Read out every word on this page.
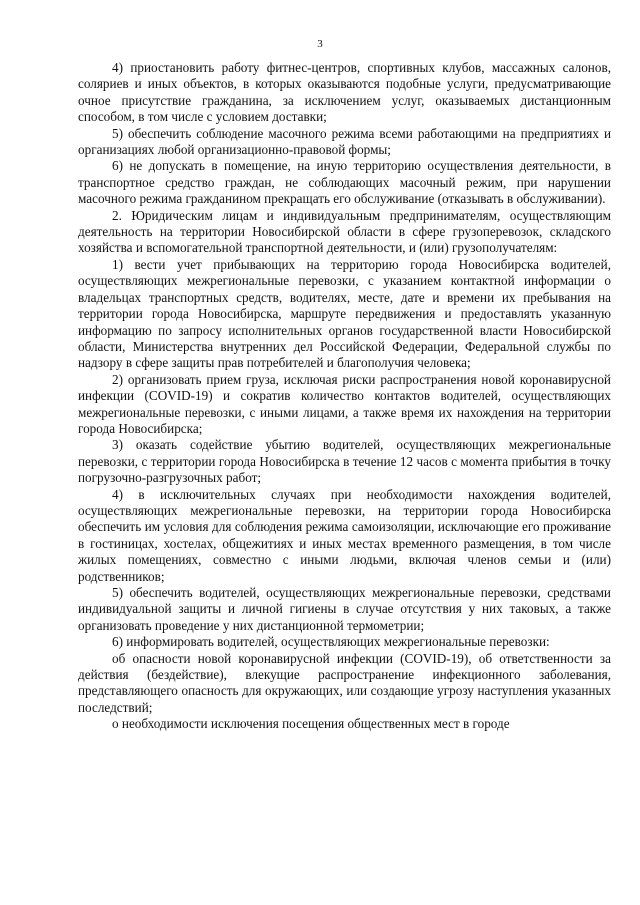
3

4) приостановить работу фитнес-центров, спортивных клубов, массажных салонов, соляриев и иных объектов, в которых оказываются подобные услуги, предусматривающие очное присутствие гражданина, за исключением услуг, оказываемых дистанционным способом, в том числе с условием доставки;

5) обеспечить соблюдение масочного режима всеми работающими на предприятиях и организациях любой организационно-правовой формы;

6) не допускать в помещение, на иную территорию осуществления деятельности, в транспортное средство граждан, не соблюдающих масочный режим, при нарушении масочного режима гражданином прекращать его обслуживание (отказывать в обслуживании).

2. Юридическим лицам и индивидуальным предпринимателям, осуществляющим деятельность на территории Новосибирской области в сфере грузоперевозок, складского хозяйства и вспомогательной транспортной деятельности, и (или) грузополучателям:

1) вести учет прибывающих на территорию города Новосибирска водителей, осуществляющих межрегиональные перевозки, с указанием контактной информации о владельцах транспортных средств, водителях, месте, дате и времени их пребывания на территории города Новосибирска, маршруте передвижения и предоставлять указанную информацию по запросу исполнительных органов государственной власти Новосибирской области, Министерства внутренних дел Российской Федерации, Федеральной службы по надзору в сфере защиты прав потребителей и благополучия человека;

2) организовать прием груза, исключая риски распространения новой коронавирусной инфекции (COVID-19) и сократив количество контактов водителей, осуществляющих межрегиональные перевозки, с иными лицами, а также время их нахождения на территории города Новосибирска;

3) оказать содействие убытию водителей, осуществляющих межрегиональные перевозки, с территории города Новосибирска в течение 12 часов с момента прибытия в точку погрузочно-разгрузочных работ;

4) в исключительных случаях при необходимости нахождения водителей, осуществляющих межрегиональные перевозки, на территории города Новосибирска обеспечить им условия для соблюдения режима самоизоляции, исключающие его проживание в гостиницах, хостелах, общежитиях и иных местах временного размещения, в том числе жилых помещениях, совместно с иными людьми, включая членов семьи и (или) родственников;

5) обеспечить водителей, осуществляющих межрегиональные перевозки, средствами индивидуальной защиты и личной гигиены в случае отсутствия у них таковых, а также организовать проведение у них дистанционной термометрии;

6) информировать водителей, осуществляющих межрегиональные перевозки:

об опасности новой коронавирусной инфекции (COVID-19), об ответственности за действия (бездействие), влекущие распространение инфекционного заболевания, представляющего опасность для окружающих, или создающие угрозу наступления указанных последствий;

о необходимости исключения посещения общественных мест в городе
